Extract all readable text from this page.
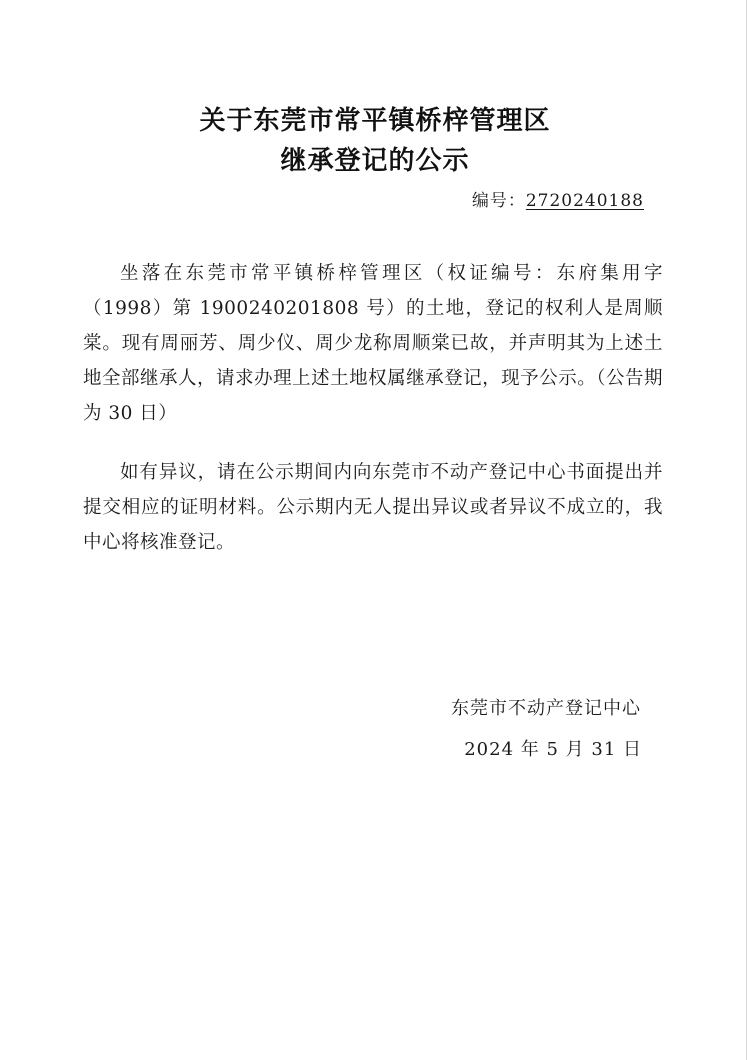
关于东莞市常平镇桥梓管理区
继承登记的公示
编号：2720240188
坐落在东莞市常平镇桥梓管理区（权证编号：东府集用字（1998）第 1900240201808 号）的土地，登记的权利人是周顺棠。现有周丽芳、周少仪、周少龙称周顺棠已故，并声明其为上述土地全部继承人，请求办理上述土地权属继承登记，现予公示。（公告期为 30 日）
如有异议，请在公示期间内向东莞市不动产登记中心书面提出并提交相应的证明材料。公示期内无人提出异议或者异议不成立的，我中心将核准登记。
东莞市不动产登记中心
2024 年 5 月 31 日
